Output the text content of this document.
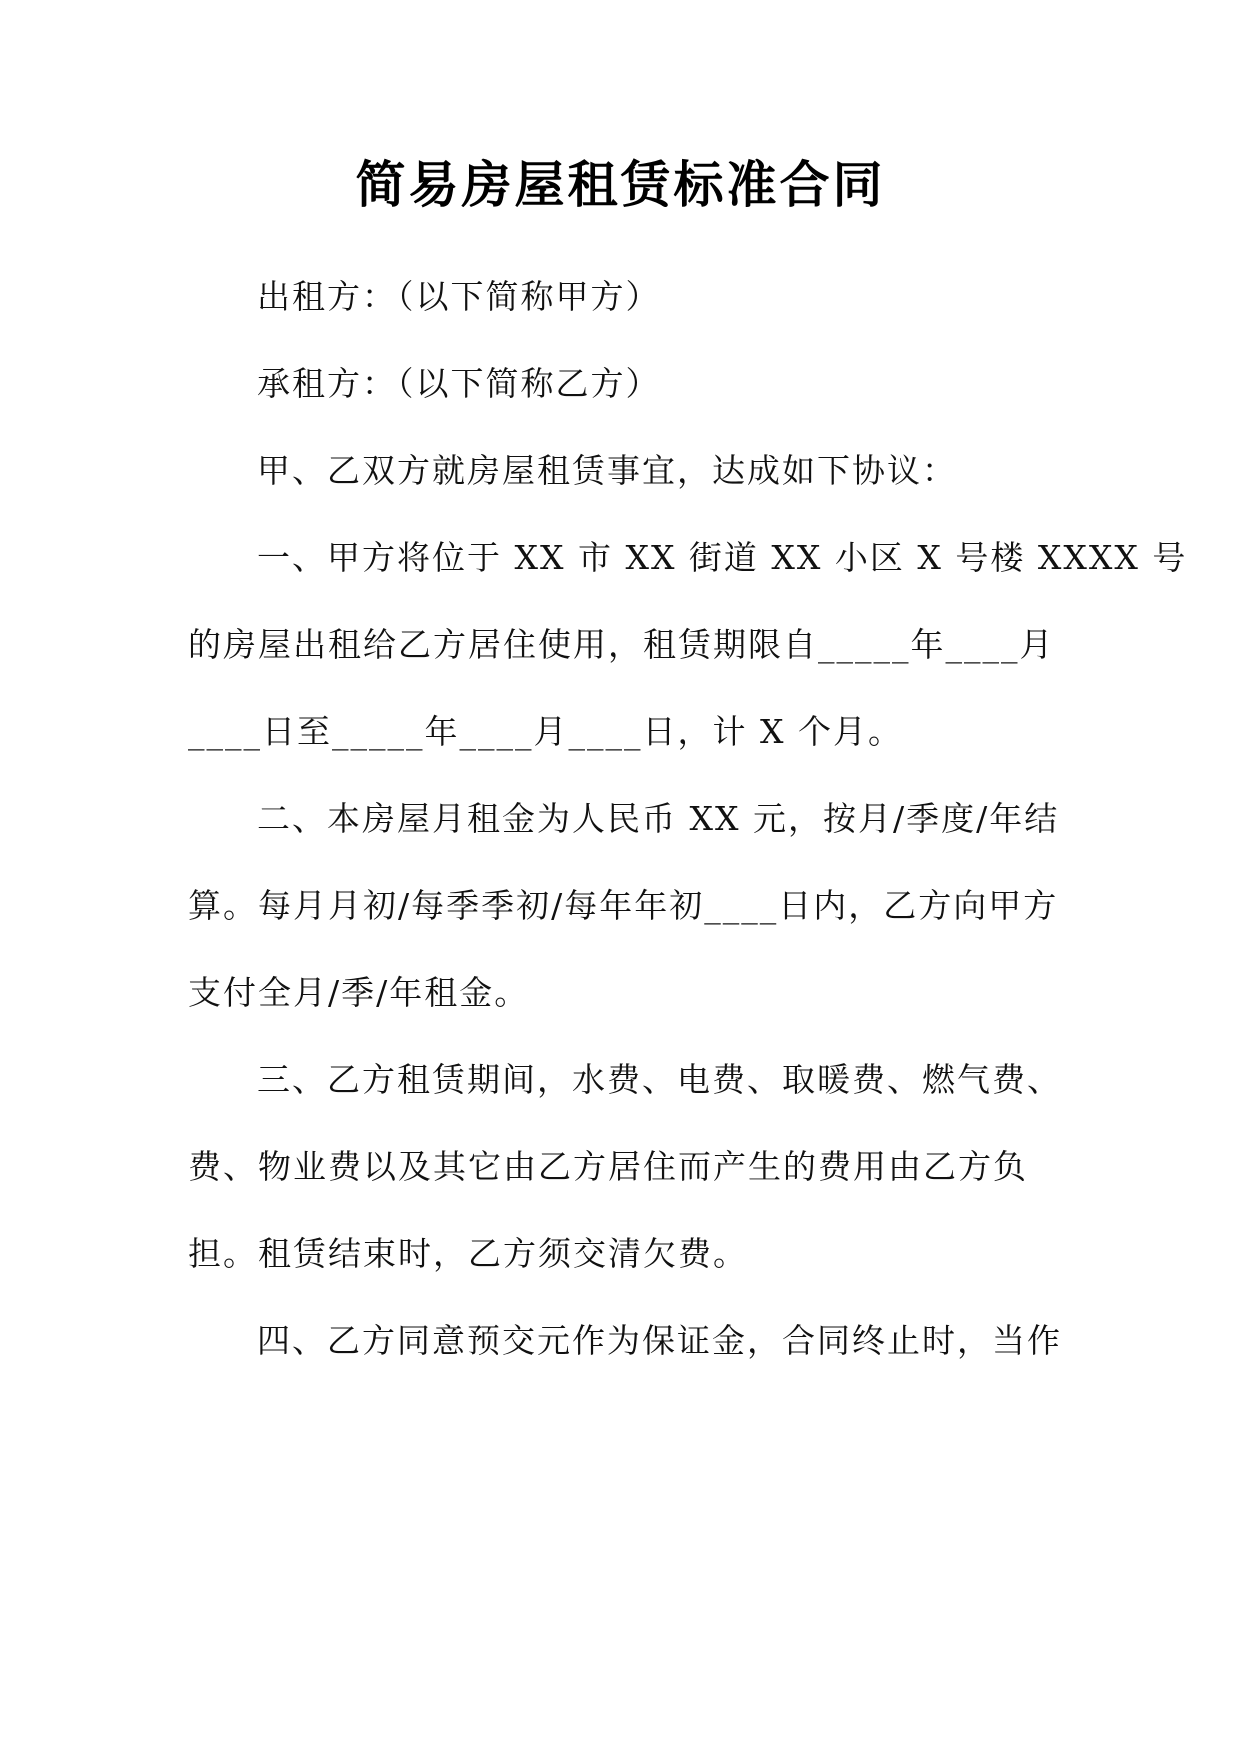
简易房屋租赁标准合同
出租方：（以下简称甲方）
承租方：（以下简称乙方）
甲、乙双方就房屋租赁事宜，达成如下协议：
一、甲方将位于 XX 市 XX 街道 XX 小区 X 号楼 XXXX 号
的房屋出租给乙方居住使用，租赁期限自_____年____月
____日至_____年____月____日，计 X 个月。
二、本房屋月租金为人民币 XX 元，按月/季度/年结
算。每月月初/每季季初/每年年初____日内，乙方向甲方
支付全月/季/年租金。
三、乙方租赁期间，水费、电费、取暖费、燃气费、
费、物业费以及其它由乙方居住而产生的费用由乙方负
担。租赁结束时，乙方须交清欠费。
四、乙方同意预交元作为保证金，合同终止时，当作
